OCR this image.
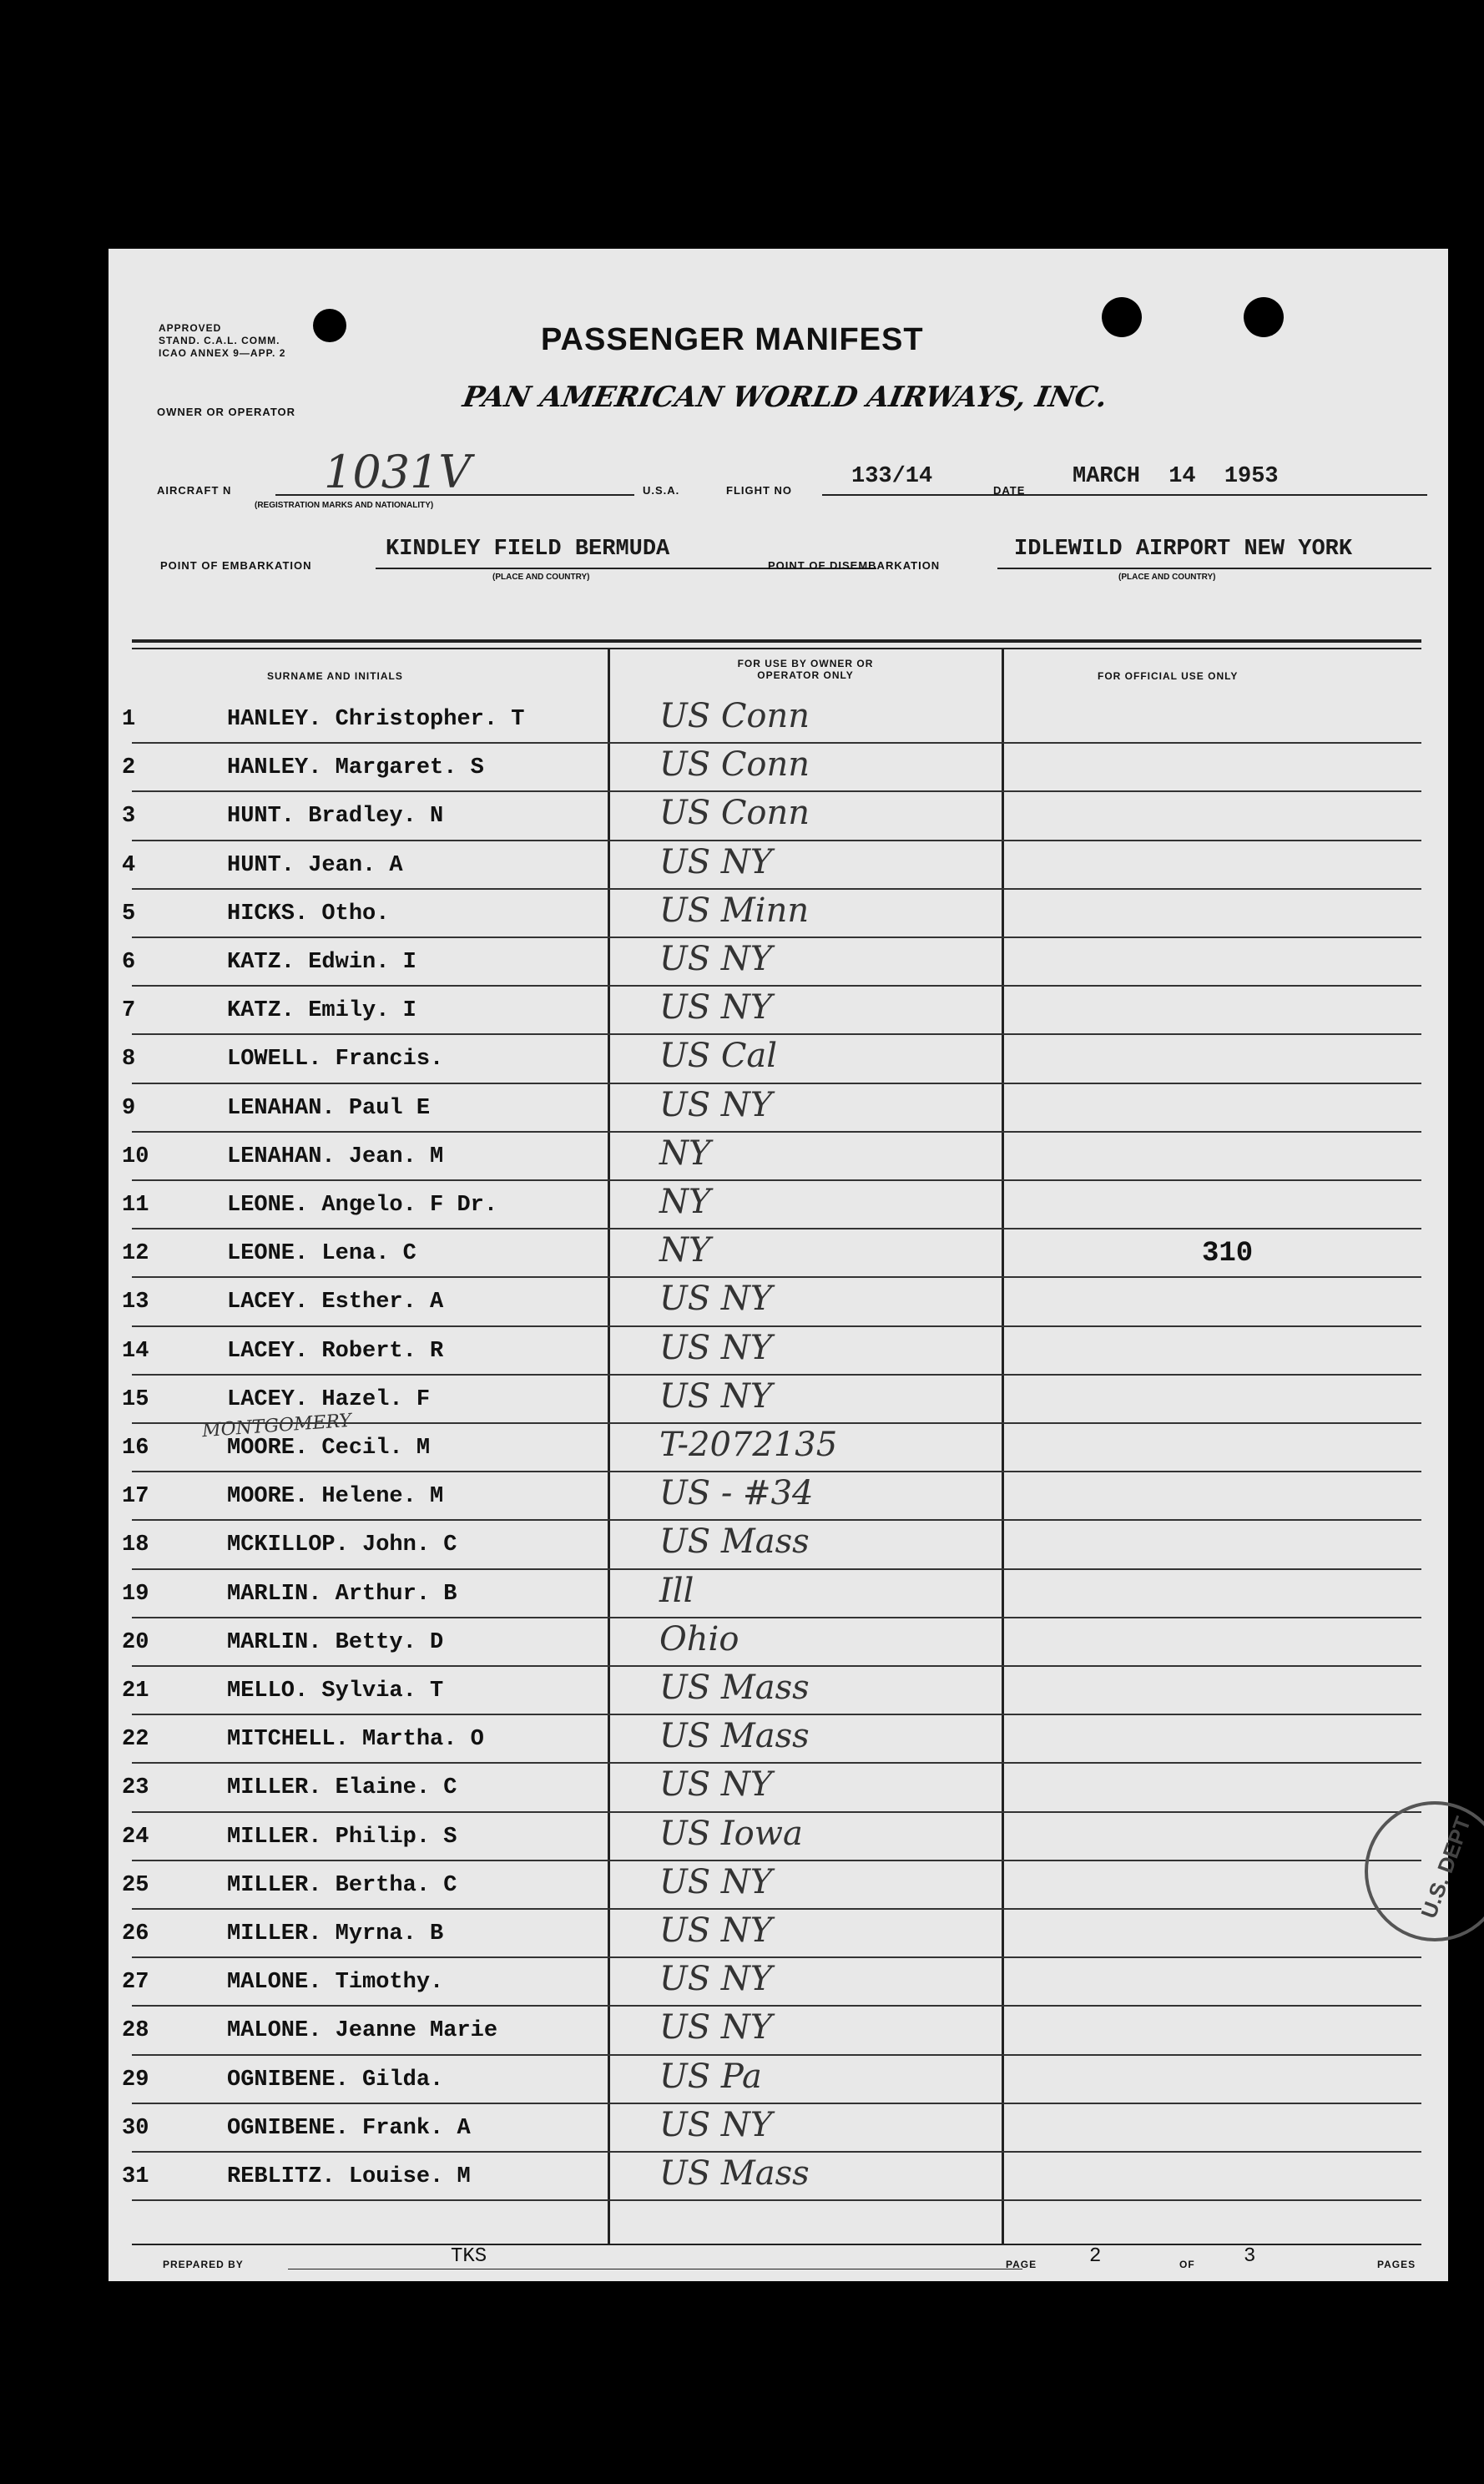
APPROVED
STAND. C.A.L. COMM.
ICAO ANNEX 9—APP. 2	PASSENGER MANIFEST
PAN AMERICAN WORLD AIRWAYS, INC.
OWNER OR OPERATOR
AIRCRAFT N 1031V
(REGISTRATION MARKS AND NATIONALITY)
U.S.A.	FLIGHT NO
133/14
DATE
MARCH 14 1953
POINT OF EMBARKATION
KINDLEY FIELD BERMUDA
(PLACE AND COUNTRY)
POINT OF DISEMBARKATION
IDLEWILD AIRPORT NEW YORK
(PLACE AND COUNTRY)
SURNAME AND INITIALS
FOR USE BY OWNER OR OPERATOR ONLY	FOR OFFICIAL USE ONLY
1	HANLEY. Christopher. T	US Conn
2	HANLEY. Margaret. S	US Conn
3	HUNT. Bradley. N	US Conn
4	HUNT. Jean. A	US NY
5	HICKS. Otho.	US Minn
6	KATZ. Edwin. I	US NY
7	KATZ. Emily. I	US NY
8	LOWELL. Francis.	US Cal
9	LENAHAN. Paul E	US NY
10	LENAHAN. Jean. M	NY
11	LEONE. Angelo. F Dr.	NY
12	LEONE. Lena. C	NY	310
13	LACEY. Esther. A	US NY
14	LACEY. Robert. R	US NY
15	LACEY. Hazel. F	US NY
16	MOORE. Cecil. M	T-2072135
17	MOORE. Helene. M	US - #34
18	MCKILLOP. John. C	US Mass
19	MARLIN. Arthur. B	Ill
20	MARLIN. Betty. D	Ohio
21	MELLO. Sylvia. T	US Mass
22	MITCHELL. Martha. O	US Mass
23	MILLER. Elaine. C	US NY
24	MILLER. Philip. S	US Iowa
25	MILLER. Bertha. C	US NY
26	MILLER. Myrna. B	US NY
27	MALONE. Timothy.	US NY
28	MALONE. Jeanne Marie	US NY
29	OGNIBENE. Gilda.	US Pa
30	OGNIBENE. Frank. A	US NY
31	REBLITZ. Louise. M	US Mass
MONTGOMERY
PREPARED BY	TKS	PAGE	2	OF 3	PAGES
U.S. DEPT
